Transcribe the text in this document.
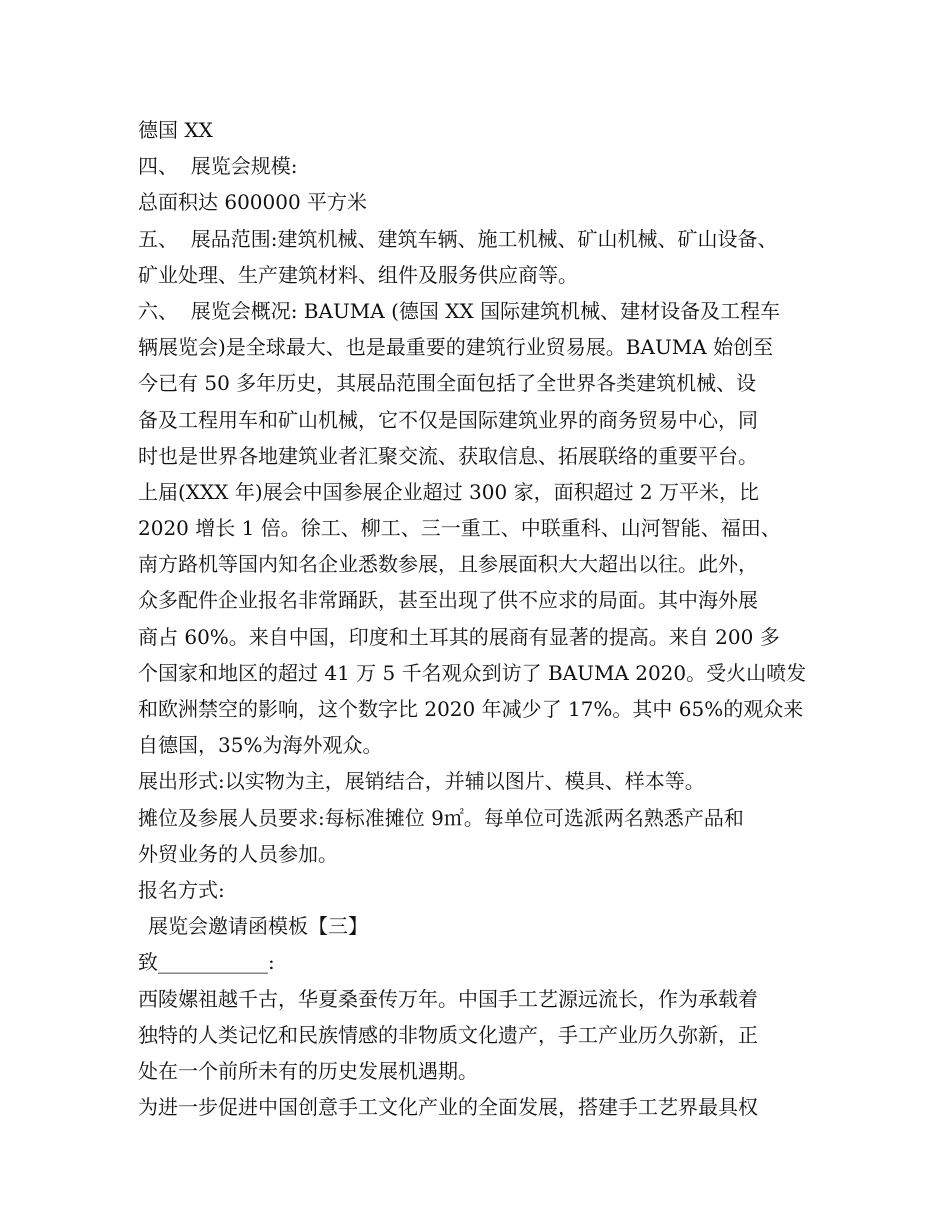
德国 XX
四、  展览会规模:
总面积达 600000 平方米
五、  展品范围:建筑机械、建筑车辆、施工机械、矿山机械、矿山设备、
矿业处理、生产建筑材料、组件及服务供应商等。
六、  展览会概况: BAUMA (德国 XX 国际建筑机械、建材设备及工程车
辆展览会)是全球最大、也是最重要的建筑行业贸易展。BAUMA 始创至
今已有 50 多年历史，其展品范围全面包括了全世界各类建筑机械、设
备及工程用车和矿山机械，它不仅是国际建筑业界的商务贸易中心，同
时也是世界各地建筑业者汇聚交流、获取信息、拓展联络的重要平台。
上届(XXX 年)展会中国参展企业超过 300 家，面积超过 2 万平米，比
2020 增长 1 倍。徐工、柳工、三一重工、中联重科、山河智能、福田、
南方路机等国内知名企业悉数参展，且参展面积大大超出以往。此外，
众多配件企业报名非常踊跃，甚至出现了供不应求的局面。其中海外展
商占 60%。来自中国，印度和土耳其的展商有显著的提高。来自 200 多
个国家和地区的超过 41 万 5 千名观众到访了 BAUMA 2020。受火山喷发
和欧洲禁空的影响，这个数字比 2020 年减少了 17%。其中 65%的观众来
自德国，35%为海外观众。
展出形式:以实物为主，展销结合，并辅以图片、模具、样本等。
摊位及参展人员要求:每标准摊位 9㎡。每单位可选派两名熟悉产品和
外贸业务的人员参加。
报名方式:
展览会邀请函模板【三】
致___________:
西陵嫘祖越千古，华夏桑蚕传万年。中国手工艺源远流长，作为承载着
独特的人类记忆和民族情感的非物质文化遗产，手工产业历久弥新，正
处在一个前所未有的历史发展机遇期。
为进一步促进中国创意手工文化产业的全面发展，搭建手工艺界最具权
